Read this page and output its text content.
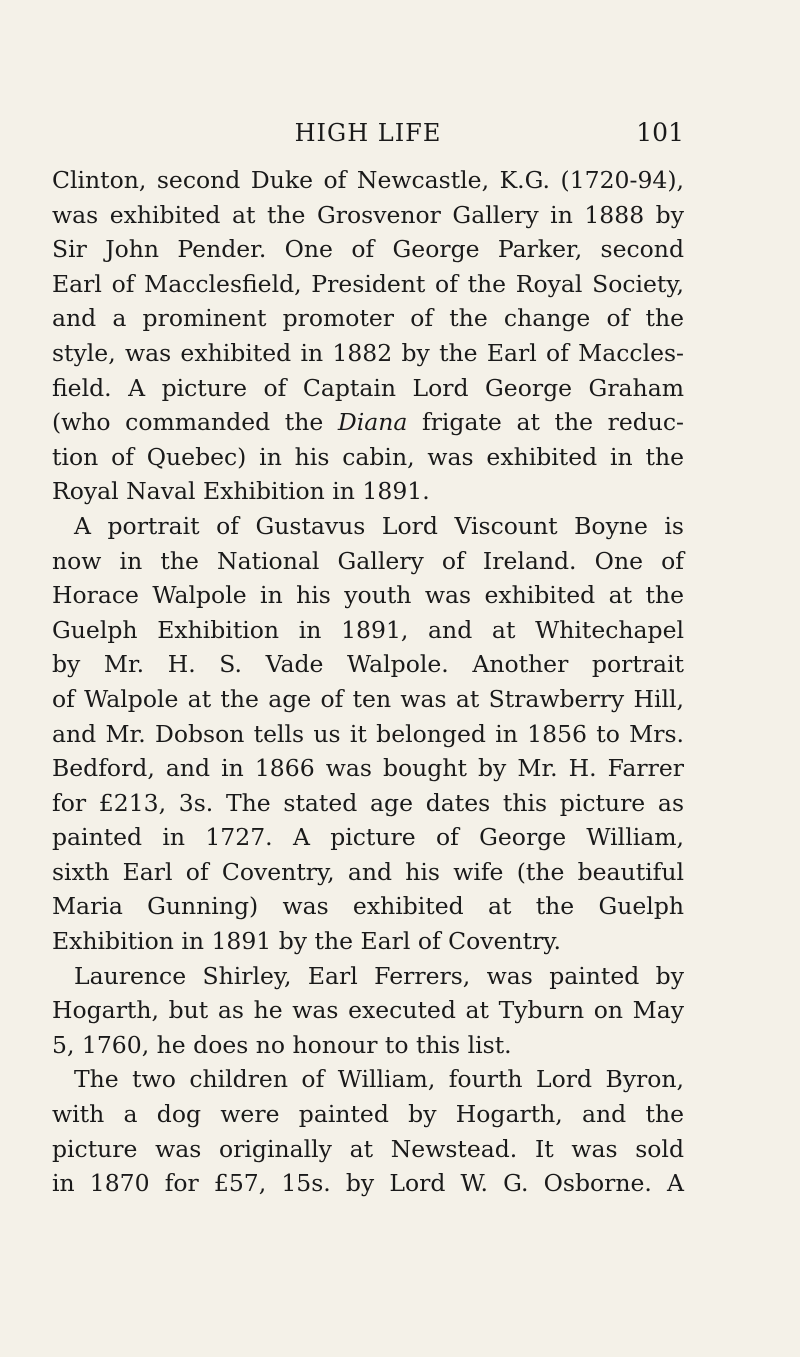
HIGH LIFE	101
Clinton, second Duke of Newcastle, K.G. (1720-94),
was exhibited at the Grosvenor Gallery in 1888 by
Sir John Pender. One of George Parker, second
Earl of Macclesfield, President of the Royal Society,
and a prominent promoter of the change of the
style, was exhibited in 1882 by the Earl of Maccles-
field. A picture of Captain Lord George Graham
(who commanded the Diana frigate at the reduc-
tion of Quebec) in his cabin, was exhibited in the
Royal Naval Exhibition in 1891.
A portrait of Gustavus Lord Viscount Boyne is
now in the National Gallery of Ireland. One of
Horace Walpole in his youth was exhibited at the
Guelph Exhibition in 1891, and at Whitechapel
by Mr. H. S. Vade Walpole. Another portrait
of Walpole at the age of ten was at Strawberry Hill,
and Mr. Dobson tells us it belonged in 1856 to Mrs.
Bedford, and in 1866 was bought by Mr. H. Farrer
for £213, 3s. The stated age dates this picture as
painted in 1727. A picture of George William,
sixth Earl of Coventry, and his wife (the beautiful
Maria Gunning) was exhibited at the Guelph
Exhibition in 1891 by the Earl of Coventry.
Laurence Shirley, Earl Ferrers, was painted by
Hogarth, but as he was executed at Tyburn on May
5, 1760, he does no honour to this list.
The two children of William, fourth Lord Byron,
with a dog were painted by Hogarth, and the
picture was originally at Newstead. It was sold
in 1870 for £57, 15s. by Lord W. G. Osborne. A
